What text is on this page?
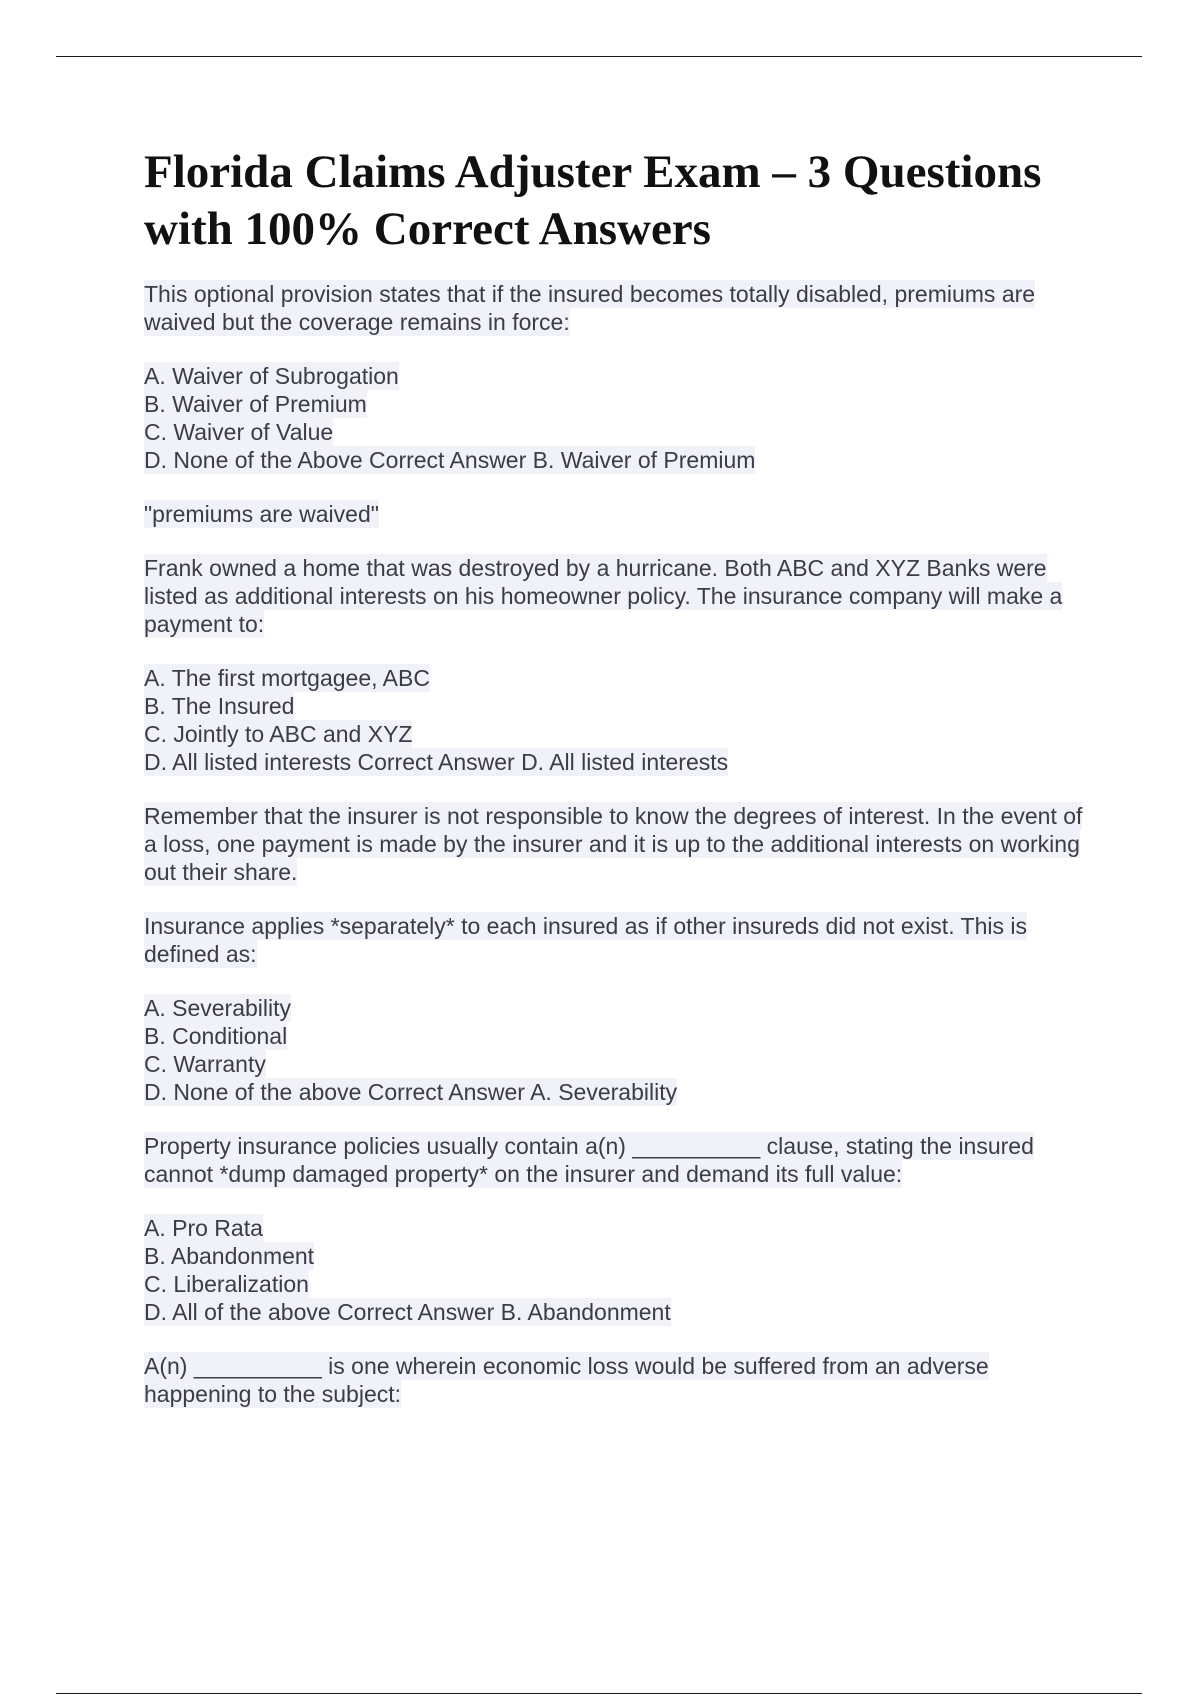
Florida Claims Adjuster Exam – 3 Questions with 100% Correct Answers

This optional provision states that if the insured becomes totally disabled, premiums are waived but the coverage remains in force:

A. Waiver of Subrogation
B. Waiver of Premium
C. Waiver of Value
D. None of the Above Correct Answer B. Waiver of Premium

"premiums are waived"

Frank owned a home that was destroyed by a hurricane. Both ABC and XYZ Banks were listed as additional interests on his homeowner policy. The insurance company will make a payment to:

A. The first mortgagee, ABC
B. The Insured
C. Jointly to ABC and XYZ
D. All listed interests Correct Answer D. All listed interests

Remember that the insurer is not responsible to know the degrees of interest. In the event of a loss, one payment is made by the insurer and it is up to the additional interests on working out their share.

Insurance applies *separately* to each insured as if other insureds did not exist. This is defined as:

A. Severability
B. Conditional
C. Warranty
D. None of the above Correct Answer A. Severability

Property insurance policies usually contain a(n) __________ clause, stating the insured cannot *dump damaged property* on the insurer and demand its full value:

A. Pro Rata
B. Abandonment
C. Liberalization
D. All of the above Correct Answer B. Abandonment

A(n) __________ is one wherein economic loss would be suffered from an adverse happening to the subject:
